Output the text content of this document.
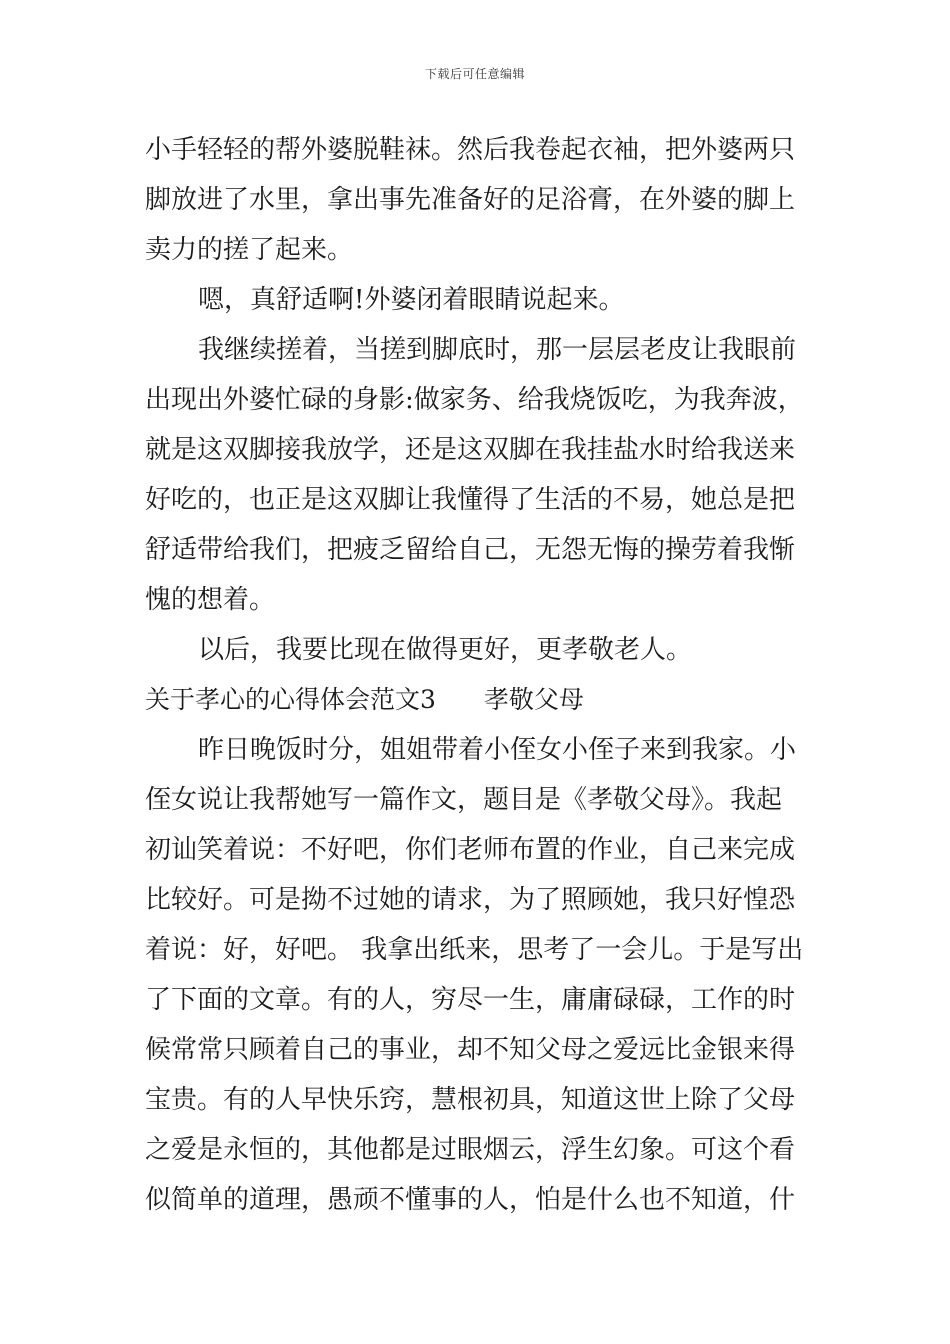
下载后可任意编辑
小手轻轻的帮外婆脱鞋袜。然后我卷起衣袖，把外婆两只
脚放进了水里，拿出事先准备好的足浴膏，在外婆的脚上
卖力的搓了起来。
嗯，真舒适啊!外婆闭着眼睛说起来。
我继续搓着，当搓到脚底时，那一层层老皮让我眼前
出现出外婆忙碌的身影:做家务、给我烧饭吃，为我奔波，
就是这双脚接我放学，还是这双脚在我挂盐水时给我送来
好吃的，也正是这双脚让我懂得了生活的不易，她总是把
舒适带给我们，把疲乏留给自己，无怨无悔的操劳着我惭
愧的想着。
以后，我要比现在做得更好，更孝敬老人。
关于孝心的心得体会范文3 孝敬父母
昨日晚饭时分，姐姐带着小侄女小侄子来到我家。小
侄女说让我帮她写一篇作文，题目是《孝敬父母》。我起
初讪笑着说：不好吧，你们老师布置的作业，自己来完成
比较好。可是拗不过她的请求，为了照顾她，我只好惶恐
着说：好，好吧。 我拿出纸来，思考了一会儿。于是写出
了下面的文章。有的人，穷尽一生，庸庸碌碌，工作的时
候常常只顾着自己的事业，却不知父母之爱远比金银来得
宝贵。有的人早快乐窍，慧根初具，知道这世上除了父母
之爱是永恒的，其他都是过眼烟云，浮生幻象。可这个看
似简单的道理，愚顽不懂事的人，怕是什么也不知道，什
